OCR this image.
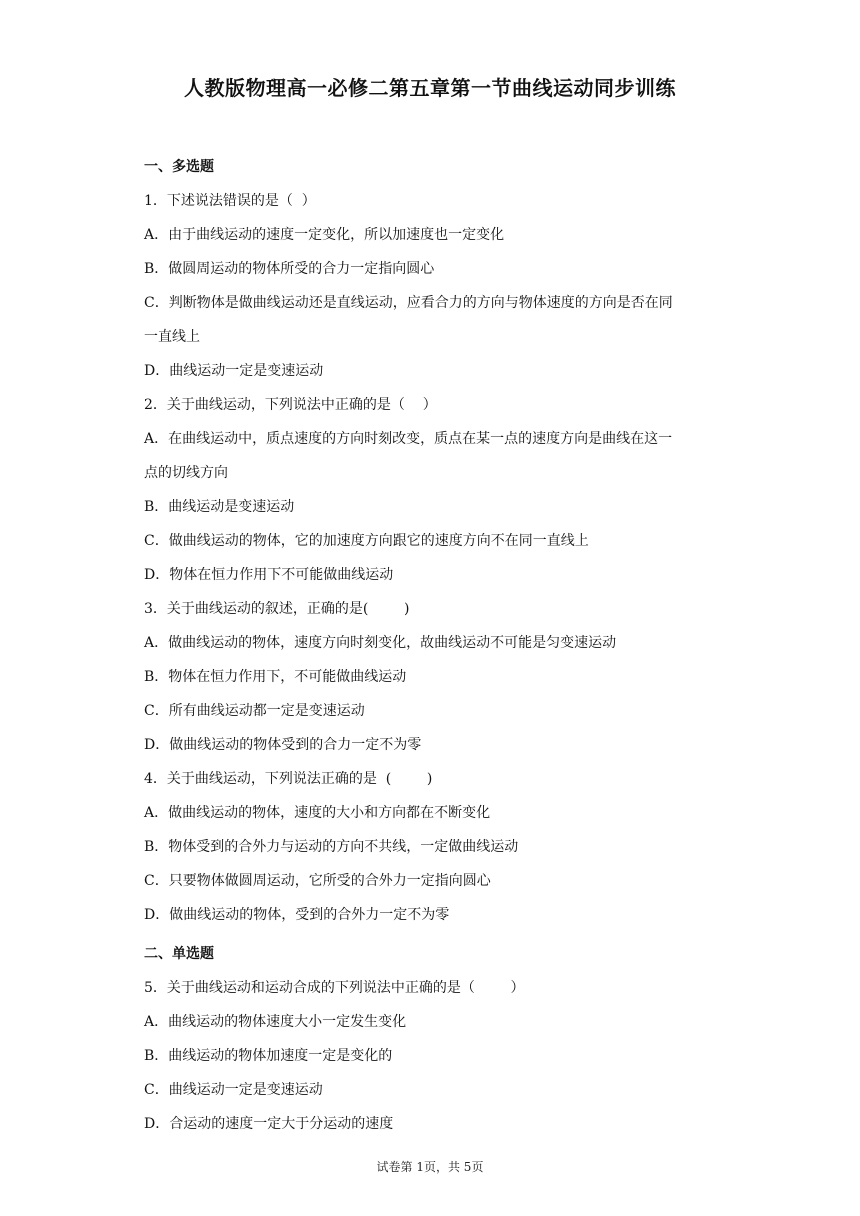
人教版物理高一必修二第五章第一节曲线运动同步训练
一、多选题
1．下述说法错误的是（  ）
A．由于曲线运动的速度一定变化，所以加速度也一定变化
B．做圆周运动的物体所受的合力一定指向圆心
C．判断物体是做曲线运动还是直线运动，应看合力的方向与物体速度的方向是否在同
一直线上
D．曲线运动一定是变速运动
2．关于曲线运动，下列说法中正确的是（    ）
A．在曲线运动中，质点速度的方向时刻改变，质点在某一点的速度方向是曲线在这一
点的切线方向
B．曲线运动是变速运动
C．做曲线运动的物体，它的加速度方向跟它的速度方向不在同一直线上
D．物体在恒力作用下不可能做曲线运动
3．关于曲线运动的叙述，正确的是(        )
A．做曲线运动的物体，速度方向时刻变化，故曲线运动不可能是匀变速运动
B．物体在恒力作用下，不可能做曲线运动
C．所有曲线运动都一定是变速运动
D．做曲线运动的物体受到的合力一定不为零
4．关于曲线运动，下列说法正确的是  (        )
A．做曲线运动的物体，速度的大小和方向都在不断变化
B．物体受到的合外力与运动的方向不共线，一定做曲线运动
C．只要物体做圆周运动，它所受的合外力一定指向圆心
D．做曲线运动的物体，受到的合外力一定不为零
二、单选题
5．关于曲线运动和运动合成的下列说法中正确的是（        ）
A．曲线运动的物体速度大小一定发生变化
B．曲线运动的物体加速度一定是变化的
C．曲线运动一定是变速运动
D．合运动的速度一定大于分运动的速度
试卷第 1页，共 5页
